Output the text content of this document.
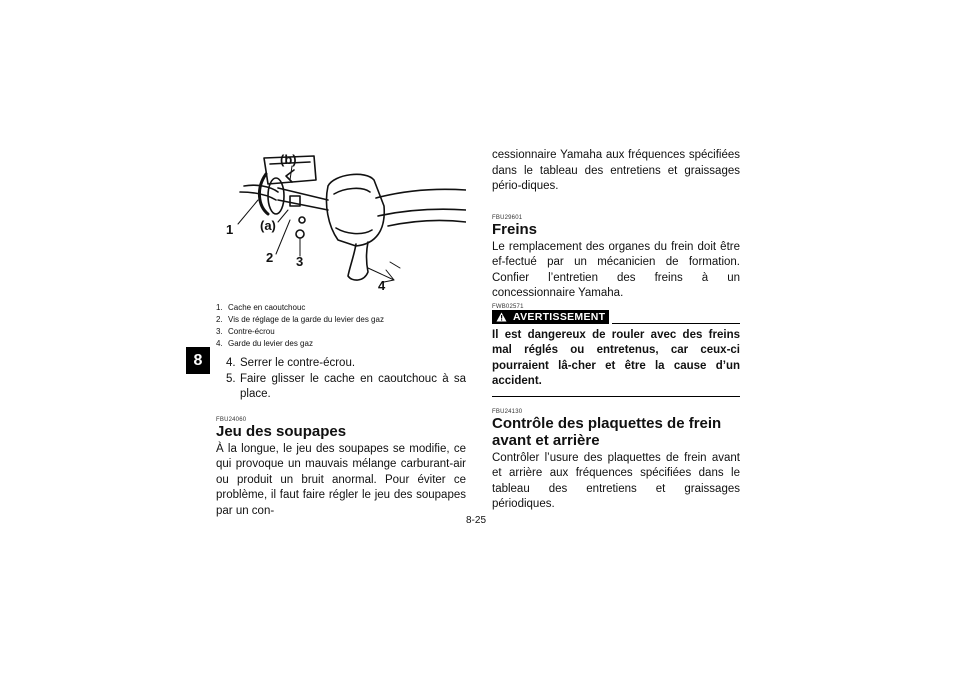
8
1
2 3
4
(a)
(b)
1. Cache en caoutchouc
2. Vis de réglage de la garde du levier des gaz
3. Contre-écrou
4. Garde du levier des gaz
4. Serrer le contre-écrou.
5. Faire glisser le cache en caoutchouc à sa place.
FBU24060
Jeu des soupapes

À la longue, le jeu des soupapes se modifie, ce qui provoque un mauvais mélange carburant-air ou produit un bruit anormal. Pour éviter ce problème, il faut faire régler le jeu des soupapes par un con-

cessionnaire Yamaha aux fréquences spécifiées dans le tableau des entretiens et graissages pério-diques.

FBU29601
Freins

Le remplacement des organes du frein doit être ef-fectué par un mécanicien de formation. Confier l’entretien des freins à un concessionnaire Yamaha.

FWB02571
AVERTISSEMENT

Il est dangereux de rouler avec des freins mal réglés ou entretenus, car ceux-ci pourraient lâ-cher et être la cause d’un accident.

FBU24130
Contrôle des plaquettes de frein avant et arrière

Contrôler l’usure des plaquettes de frein avant et arrière aux fréquences spécifiées dans le tableau des entretiens et graissages périodiques.

8-25
